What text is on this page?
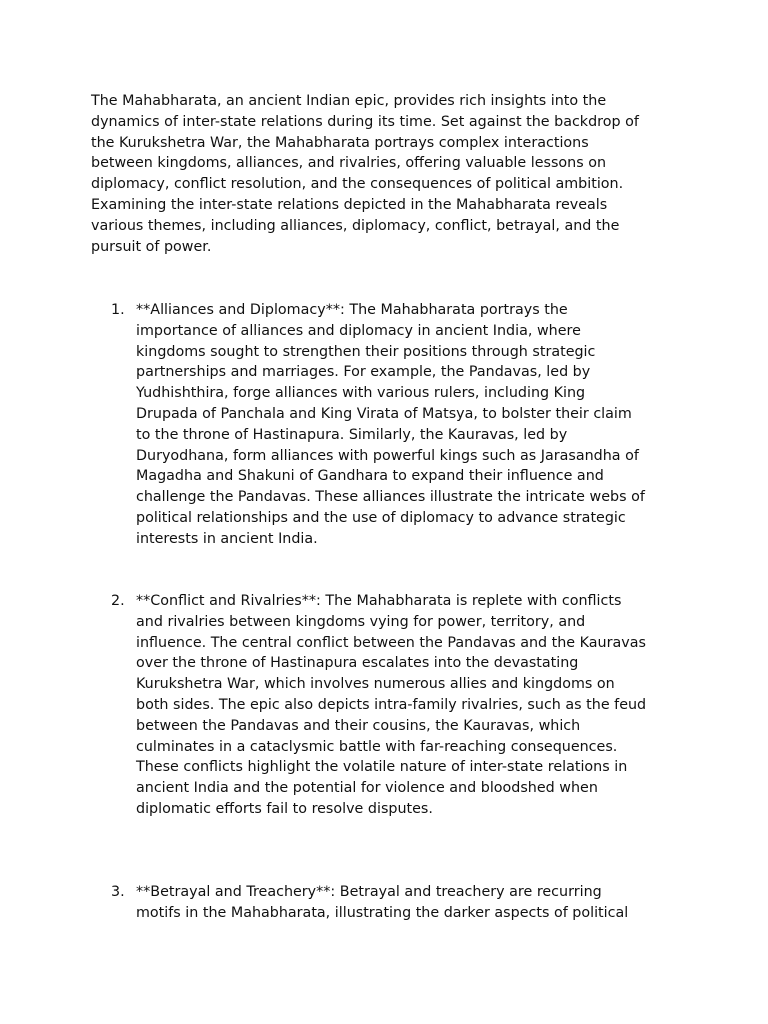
The Mahabharata, an ancient Indian epic, provides rich insights into the
dynamics of inter-state relations during its time. Set against the backdrop of
the Kurukshetra War, the Mahabharata portrays complex interactions
between kingdoms, alliances, and rivalries, offering valuable lessons on
diplomacy, conflict resolution, and the consequences of political ambition.
Examining the inter-state relations depicted in the Mahabharata reveals
various themes, including alliances, diplomacy, conflict, betrayal, and the
pursuit of power.

1. **Alliances and Diplomacy**: The Mahabharata portrays the
importance of alliances and diplomacy in ancient India, where
kingdoms sought to strengthen their positions through strategic
partnerships and marriages. For example, the Pandavas, led by
Yudhishthira, forge alliances with various rulers, including King
Drupada of Panchala and King Virata of Matsya, to bolster their claim
to the throne of Hastinapura. Similarly, the Kauravas, led by
Duryodhana, form alliances with powerful kings such as Jarasandha of
Magadha and Shakuni of Gandhara to expand their influence and
challenge the Pandavas. These alliances illustrate the intricate webs of
political relationships and the use of diplomacy to advance strategic
interests in ancient India.

2. **Conflict and Rivalries**: The Mahabharata is replete with conflicts
and rivalries between kingdoms vying for power, territory, and
influence. The central conflict between the Pandavas and the Kauravas
over the throne of Hastinapura escalates into the devastating
Kurukshetra War, which involves numerous allies and kingdoms on
both sides. The epic also depicts intra-family rivalries, such as the feud
between the Pandavas and their cousins, the Kauravas, which
culminates in a cataclysmic battle with far-reaching consequences.
These conflicts highlight the volatile nature of inter-state relations in
ancient India and the potential for violence and bloodshed when
diplomatic efforts fail to resolve disputes.

3. **Betrayal and Treachery**: Betrayal and treachery are recurring
motifs in the Mahabharata, illustrating the darker aspects of political
